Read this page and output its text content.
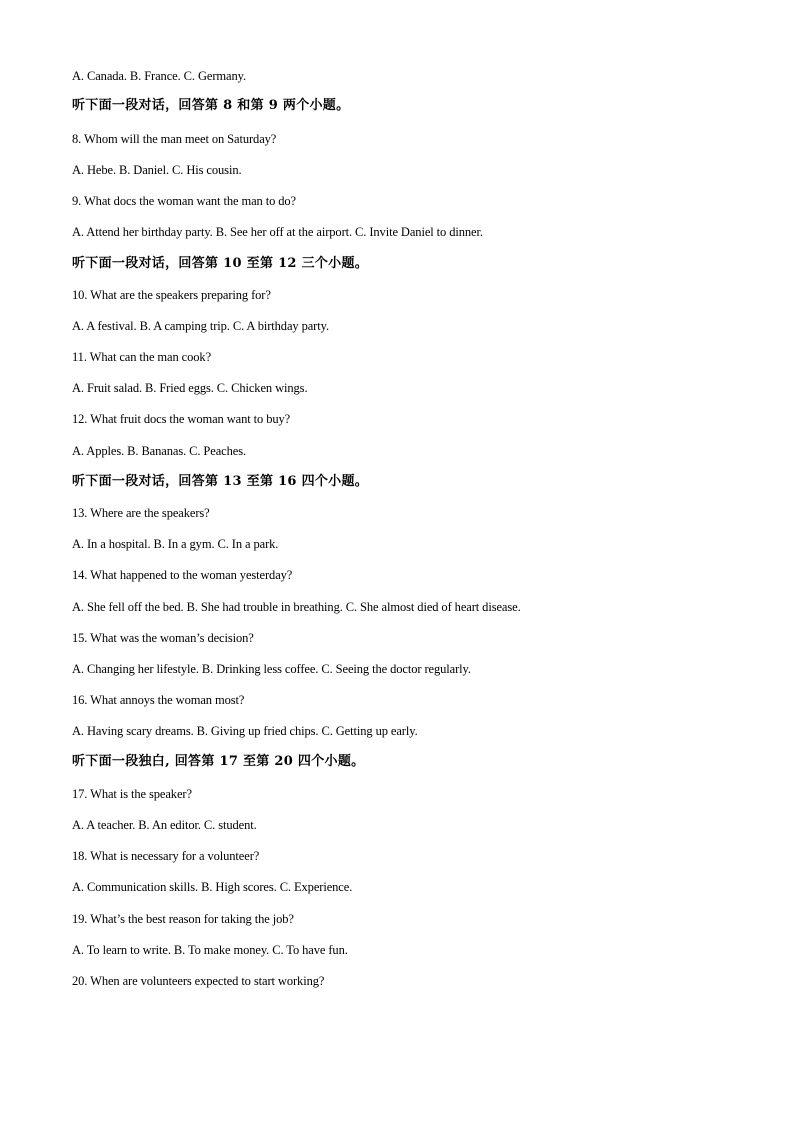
A. Canada. B. France. C. Germany.
听下面一段对话，回答第 8 和第 9 两个小题。
8. Whom will the man meet on Saturday?
A. Hebe. B. Daniel. C. His cousin.
9. What docs the woman want the man to do?
A. Attend her birthday party. B. See her off at the airport. C. Invite Daniel to dinner.
听下面一段对话，回答第 10 至第 12 三个小题。
10. What are the speakers preparing for?
A. A festival. B. A camping trip. C. A birthday party.
11. What can the man cook?
A. Fruit salad. B. Fried eggs. C. Chicken wings.
12. What fruit docs the woman want to buy?
A. Apples. B. Bananas. C. Peaches.
听下面一段对话，回答第 13 至第 16 四个小题。
13. Where are the speakers?
A. In a hospital. B. In a gym. C. In a park.
14. What happened to the woman yesterday?
A. She fell off the bed. B. She had trouble in breathing. C. She almost died of heart disease.
15. What was the woman’s decision?
A. Changing her lifestyle. B. Drinking less coffee. C. Seeing the doctor regularly.
16. What annoys the woman most?
A. Having scary dreams. B. Giving up fried chips. C. Getting up early.
听下面一段独白, 回答第 17 至第 20 四个小题。
17. What is the speaker?
A. A teacher. B. An editor. C. student.
18. What is necessary for a volunteer?
A. Communication skills. B. High scores. C. Experience.
19. What’s the best reason for taking the job?
A. To learn to write. B. To make money. C. To have fun.
20. When are volunteers expected to start working?
